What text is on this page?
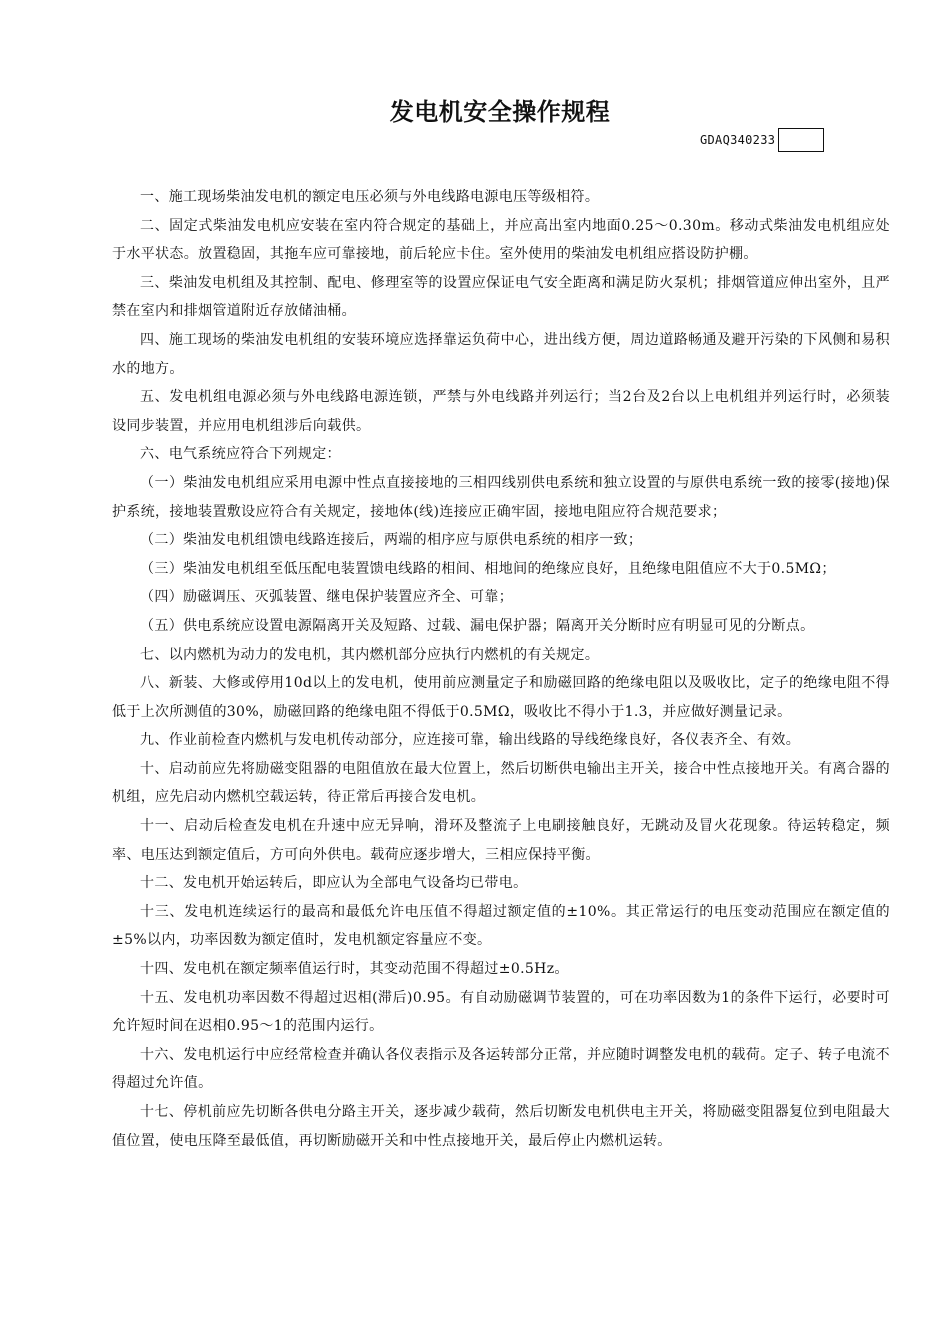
发电机安全操作规程
GDAQ340233

一、施工现场柴油发电机的额定电压必须与外电线路电源电压等级相符。

二、固定式柴油发电机应安装在室内符合规定的基础上，并应高出室内地面0.25～0.30m。移动式柴油发电机组应处于水平状态。放置稳固，其拖车应可靠接地，前后轮应卡住。室外使用的柴油发电机组应搭设防护棚。

三、柴油发电机组及其控制、配电、修理室等的设置应保证电气安全距离和满足防火泵机；排烟管道应伸出室外，且严禁在室内和排烟管道附近存放储油桶。

四、施工现场的柴油发电机组的安装环境应选择靠运负荷中心，进出线方便，周边道路畅通及避开污染的下风侧和易积水的地方。

五、发电机组电源必须与外电线路电源连锁，严禁与外电线路并列运行；当2台及2台以上电机组并列运行时，必须装设同步装置，并应用电机组涉后向载供。

六、电气系统应符合下列规定：

（一）柴油发电机组应采用电源中性点直接接地的三相四线别供电系统和独立设置的与原供电系统一致的接零(接地)保护系统，接地装置敷设应符合有关规定，接地体(线)连接应正确牢固，接地电阻应符合规范要求；

（二）柴油发电机组馈电线路连接后，两端的相序应与原供电系统的相序一致；

（三）柴油发电机组至低压配电装置馈电线路的相间、相地间的绝缘应良好，且绝缘电阻值应不大于0.5MΩ；

（四）励磁调压、灭弧装置、继电保护装置应齐全、可靠；

（五）供电系统应设置电源隔离开关及短路、过载、漏电保护器；隔离开关分断时应有明显可见的分断点。

七、以内燃机为动力的发电机，其内燃机部分应执行内燃机的有关规定。

八、新装、大修或停用10d以上的发电机，使用前应测量定子和励磁回路的绝缘电阻以及吸收比，定子的绝缘电阻不得低于上次所测值的30%，励磁回路的绝缘电阻不得低于0.5MΩ，吸收比不得小于1.3，并应做好测量记录。

九、作业前检查内燃机与发电机传动部分，应连接可靠，输出线路的导线绝缘良好，各仪表齐全、有效。

十、启动前应先将励磁变阻器的电阻值放在最大位置上，然后切断供电输出主开关，接合中性点接地开关。有离合器的机组，应先启动内燃机空载运转，待正常后再接合发电机。

十一、启动后检查发电机在升速中应无异响，滑环及整流子上电刷接触良好，无跳动及冒火花现象。待运转稳定，频率、电压达到额定值后，方可向外供电。载荷应逐步增大，三相应保持平衡。

十二、发电机开始运转后，即应认为全部电气设备均已带电。

十三、发电机连续运行的最高和最低允许电压值不得超过额定值的±10%。其正常运行的电压变动范围应在额定值的±5%以内，功率因数为额定值时，发电机额定容量应不变。

十四、发电机在额定频率值运行时，其变动范围不得超过±0.5Hz。

十五、发电机功率因数不得超过迟相(滞后)0.95。有自动励磁调节装置的，可在功率因数为1的条件下运行，必要时可允许短时间在迟相0.95～1的范围内运行。

十六、发电机运行中应经常检查并确认各仪表指示及各运转部分正常，并应随时调整发电机的载荷。定子、转子电流不得超过允许值。

十七、停机前应先切断各供电分路主开关，逐步减少载荷，然后切断发电机供电主开关，将励磁变阻器复位到电阻最大值位置，使电压降至最低值，再切断励磁开关和中性点接地开关，最后停止内燃机运转。
